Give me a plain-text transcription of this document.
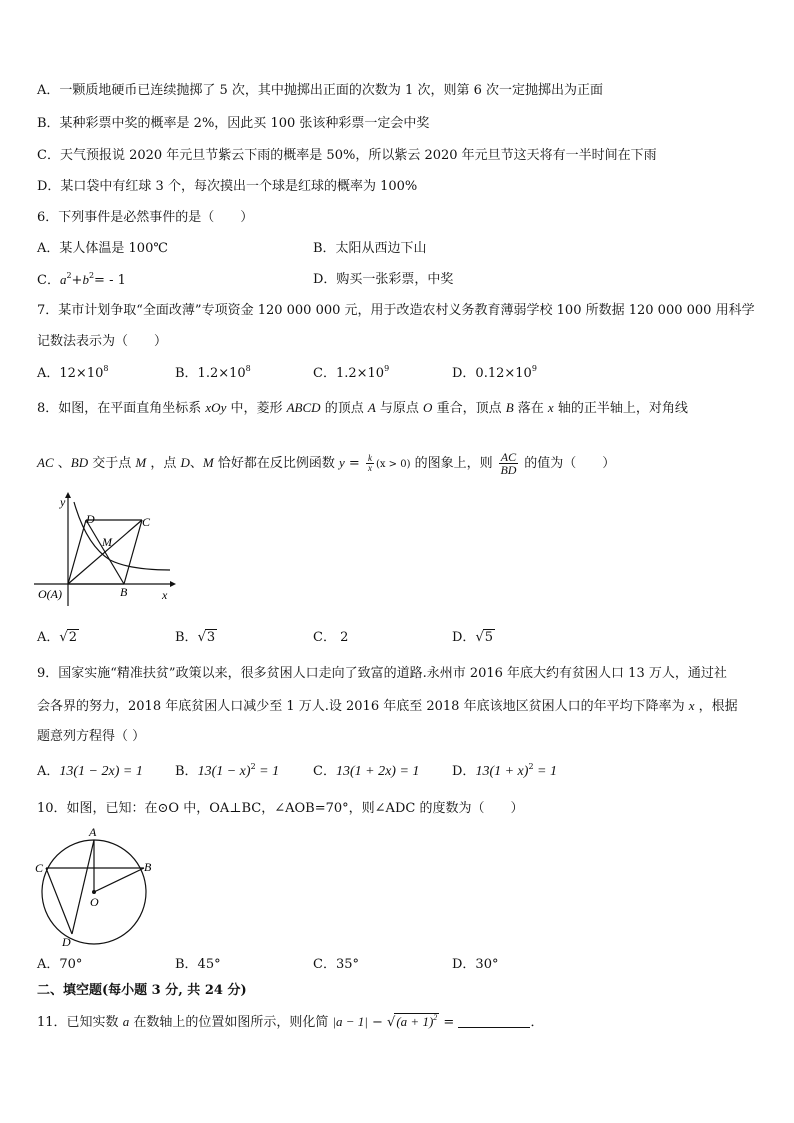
A．一颗质地硬币已连续抛掷了 5 次，其中抛掷出正面的次数为 1 次，则第 6 次一定抛掷出为正面
B．某种彩票中奖的概率是 2%，因此买 100 张该种彩票一定会中奖
C．天气预报说 2020 年元旦节紫云下雨的概率是 50%，所以紫云 2020 年元旦节这天将有一半时间在下雨
D．某口袋中有红球 3 个，每次摸出一个球是红球的概率为 100%
6．下列事件是必然事件的是（　　）
A．某人体温是 100℃	B．太阳从西边下山
C．$a^2+b^2= - 1$	D．购买一张彩票，中奖
7．某市计划争取“全面改薄”专项资金 120 000 000 元，用于改造农村义务教育薄弱学校 100 所数据 120 000 000 用科学
记数法表示为（　　）
A．$12\times 10^8$	B．$1.2\times 10^8$	C．$1.2\times 10^9$	D．$0.12\times 10^9$
8．如图，在平面直角坐标系 xOy 中，菱形 ABCD 的顶点 A 与原点 O 重合，顶点 B 落在 x 轴的正半轴上，对角线
AC 、BD 交于点 M ，点 D、M 恰好都在反比例函数 $y = \frac{k}{x} (x > 0)$ 的图象上，则 $\frac{AC}{BD}$ 的值为（　　）
y
x
D	C
M
B
O(A)
A．√2	B．√3	C． 2	D．√5
9．国家实施“精准扶贫”政策以来，很多贫困人口走向了致富的道路.永州市 2016 年底大约有贫困人口 13 万人，通过社
会各界的努力，2018 年底贫困人口减少至 1 万人.设 2016 年底至 2018 年底该地区贫困人口的年平均下降率为 x ，根据
题意列方程得（ ）
A．13(1 − 2x) = 1 B．$13(1 - x)^2 = 1$	C．13(1 + 2x) = 1	D．$13(1 + x)^2 = 1$
10．如图，已知：在⊙O 中，OA⊥BC，∠AOB=70°，则∠ADC 的度数为（　　）
A
B
C
O
D
A．70°	B．45°	C．35°	D．30°
二、填空题(每小题 3 分, 共 24 分)
11．已知实数 a 在数轴上的位置如图所示，则化简 $|a - 1| - √(a + 1)^2$ =	．
